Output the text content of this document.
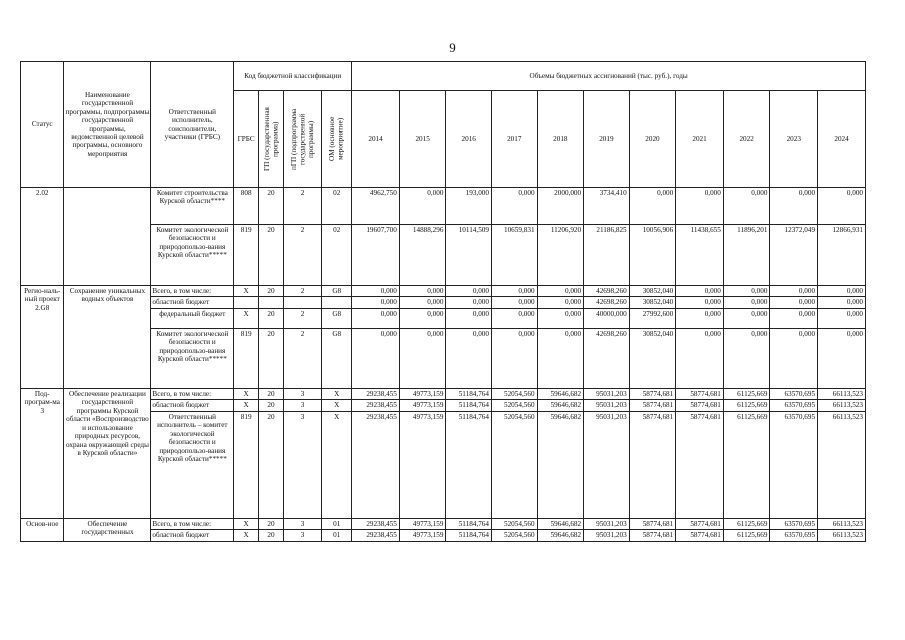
9
Статус	Наименование государственной программы, подпрограммы государственной программы, ведомственной целевой программы, основного мероприятия	Ответственный исполнитель, соисполнители, участники (ГРБС)	Код бюджетной классификации				Объемы бюджетных ассигнований (тыс. руб.), годы										
			ГРБС	ГП (государственная программа)	пГП (подпрограмма государственной программы)	ОМ (основное мероприятие)	2014	2015	2016	2017	2018	2019	2020	2021	2022	2023	2024
2.02		Комитет строительства Курской области****	808	20	2	02	4962,750	0,000	193,000	0,000	2000,000	3734,410	0,000	0,000	0,000	0,000	0,000
		Комитет экологической безопасности и природопользо-вания Курской области*****	819	20	2	02	19607,700	14888,296	10114,509	10659,831	11206,920	21186,825	10056,906	11438,655	11896,201	12372,049	12866,931
Регио-наль-ный проект 2.G8	Сохранение уникальных водных объектов	Всего, в том числе:	X	20	2	G8	0,000	0,000	0,000	0,000	0,000	42698,260	30852,040	0,000	0,000	0,000	0,000
		областной бюджет					0,000	0,000	0,000	0,000	0,000	42698,260	30852,040	0,000	0,000	0,000	0,000
		федеральный бюджет	X	20	2	G8	0,000	0,000	0,000	0,000	0,000	40000,000	27992,600	0,000	0,000	0,000	0,000
		Комитет экологической безопасности и природопользо-вания Курской области*****	819	20	2	G8	0,000	0,000	0,000	0,000	0,000	42698,260	30852,040	0,000	0,000	0,000	0,000
Под-програм-ма 3	Обеспечение реализации государственной программы Курской области «Воспроизводство и использование природных ресурсов, охрана окружающей среды в Курской области»	Всего, в том числе:	X	20	3	X	29238,455	49773,159	51184,764	52054,560	59646,682	95031,203	58774,681	58774,681	61125,669	63570,695	66113,523
		областной бюджет	X	20	3	X	29238,455	49773,159	51184,764	52054,560	59646,682	95031,203	58774,681	58774,681	61125,669	63570,695	66113,523
		Ответственный исполнитель – комитет экологической безопасности и природопользо-вания Курской области*****	819	20	3	X	29238,455	49773,159	51184,764	52054,560	59646,682	95031,203	58774,681	58774,681	61125,669	63570,695	66113,523
Основ-ное	Обеспечение государственных	Всего, в том числе:	X	20	3	01	29238,455	49773,159	51184,764	52054,560	59646,682	95031,203	58774,681	58774,681	61125,669	63570,695	66113,523
		областной бюджет	X	20	3	01	29238,455	49773,159	51184,764	52054,560	59646,682	95031,203	58774,681	58774,681	61125,669	63570,695	66113,523
